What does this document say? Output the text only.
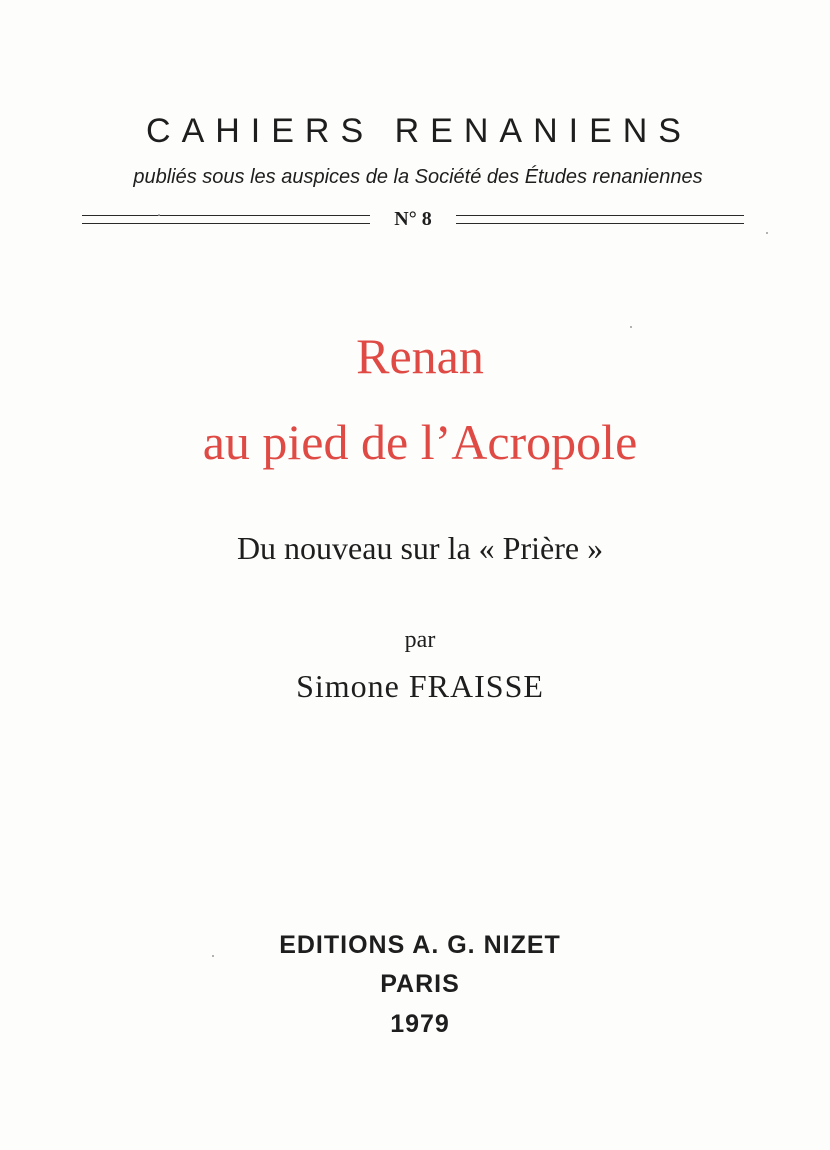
CAHIERS RENANIENS
publiés sous les auspices de la Société des Études renaniennes
N° 8
Renan
au pied de l’Acropole
Du nouveau sur la « Prière »
par
Simone FRAISSE
EDITIONS A. G. NIZET
PARIS
1979
